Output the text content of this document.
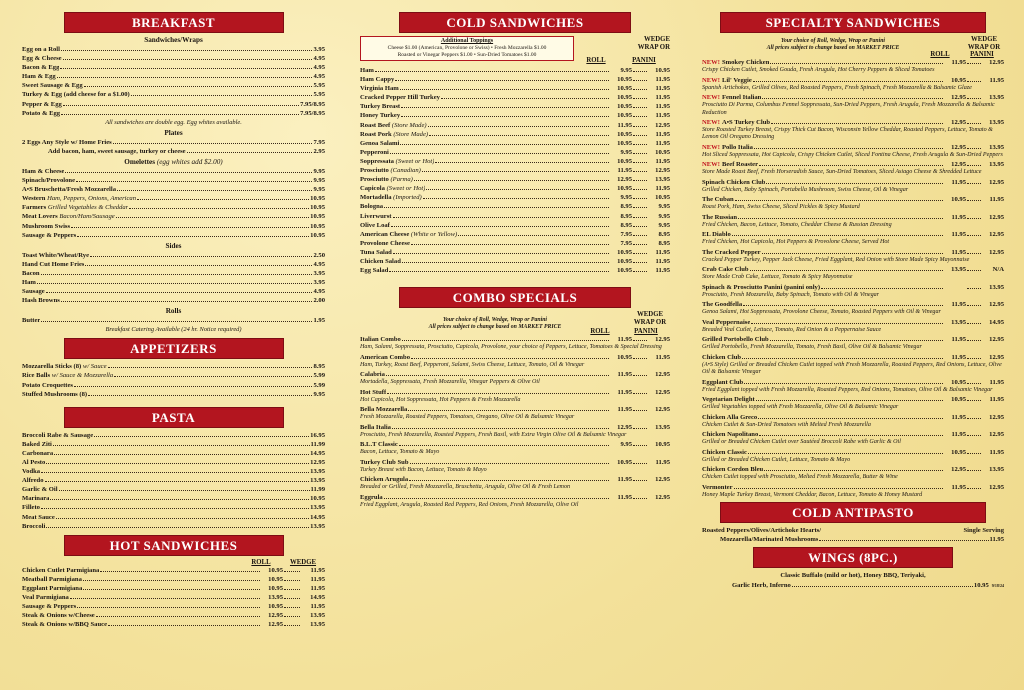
BREAKFAST
Sandwiches/Wraps
Egg on a Roll	3.95
Egg & Cheese	4.95
Bacon & Egg	4.95
Ham & Egg	4.95
Sweet Sausage & Egg	5.95
Turkey & Egg (add cheese for a $1.00)	5.95
Pepper & Egg	7.95/8.95
Potato & Egg	7.95/8.95
All sandwiches are double egg. Egg whites available.
Plates
2 Eggs Any Style w/ Home Fries	7.95
Add bacon, ham, sweet sausage, turkey or cheese	2.95
Omelettes (egg whites add $2.00)
Ham & Cheese	9.95
Spinach/Provolone	9.95
A•S Bruschetta/Fresh Mozzarella	9.95
Western Ham, Peppers, Onions, American	10.95
Farmers Grilled Vegetables & Cheddar	10.95
Meat Lovers Bacon/Ham/Sausage	10.95
Mushroom Swiss	10.95
Sausage & Peppers	10.95
Sides
Toast White/Wheat/Rye	2.50
Hand Cut Home Fries	4.95
Bacon	3.95
Ham	3.95
Sausage	4.95
Hash Browns	2.00
Rolls
Butter	1.95
Breakfast Catering Available (24 hr. Notice required)
APPETIZERS
Mozzarella Sticks (8) w/ Sauce	8.95
Rice Balls w/ Sauce & Mozzarella	5.99
Potato Croquettes	5.99
Stuffed Mushrooms (8)	9.95
PASTA
Broccoli Rabe & Sausage	16.95
Baked Ziti	11.99
Carbonara	14.95
Al Pesto	12.95
Vodka	13.95
Alfredo	13.95
Garlic & Oil	11.99
Marinara	10.95
Filleto	13.95
Meat Sauce	14.95
Broccoli	13.95
HOT SANDWICHES
ROLL	WEDGE
Chicken Cutlet Parmigiana	10.95	11.95
Meatball Parmigiana	10.95	11.95
Eggplant Parmigiana	10.95	11.95
Veal Parmigiana	13.95	14.95
Sausage & Peppers	10.95	11.95
Steak & Onions w/Cheese	12.95	13.95
Steak & Onions w/BBQ Sauce	12.95	13.95
COLD SANDWICHES
Additional Toppings
Cheese $1.00 (American, Provolone or Swiss) • Fresh Mozzarella $1.00
Roasted or Vinegar Peppers $1.00 • Sun-Dried Tomatoes $1.00
WEDGE
WRAP OR
ROLL	PANINI
Ham	9.95	10.95
Ham Cappy	10.95	11.95
Virginia Ham	10.95	11.95
Cracked Pepper Hill Turkey	10.95	11.95
Turkey Breast	10.95	11.95
Honey Turkey	10.95	11.95
Roast Beef (Store Made)	11.95	12.95
Roast Pork (Store Made)	10.95	11.95
Genoa Salami	10.95	11.95
Pepperoni	9.95	10.95
Soppressata (Sweet or Hot)	10.95	11.95
Prosciutto (Canadian)	11.95	12.95
Prosciutto (Parma)	12.95	13.95
Capicola (Sweet or Hot)	10.95	11.95
Mortadella (Imported)	9.95	10.95
Bologna	8.95	9.95
Liverwurst	8.95	9.95
Olive Loaf	8.95	9.95
American Cheese (White or Yellow)	7.95	8.95
Provolone Cheese	7.95	8.95
Tuna Salad	10.95	11.95
Chicken Salad	10.95	11.95
Egg Salad	10.95	11.95
COMBO SPECIALS
Your choice of Roll, Wedge, Wrap or Panini
All prices subject to change based on MARKET PRICE
WEDGE
WRAP OR
ROLL	PANINI
Italian Combo	11.95	12.95
Ham, Salami, Soppressata, Prosciutto, Capicola, Provolone, your choice of Peppers, Lettuce, Tomatoes & Special Dressing
American Combo	10.95	11.95
Ham, Turkey, Roast Beef, Pepperoni, Salami, Swiss Cheese, Lettuce, Tomato, Oil & Vinegar
Calabria	11.95	12.95
Mortadella, Soppressata, Fresh Mozzarella, Vinegar Peppers & Olive Oil
Hot Stuff	11.95	12.95
Hot Capicola, Hot Soppressata, Hot Peppers & Fresh Mozzarella
Bella Mozzarella	11.95	12.95
Fresh Mozzarella, Roasted Peppers, Tomatoes, Oregano, Olive Oil & Balsamic Vinegar
Bella Italia	12.95	13.95
Prosciutto, Fresh Mozzarella, Roasted Peppers, Fresh Basil, with Extra Virgin Olive Oil & Balsamic Vinegar
B.L.T Classic	9.95	10.95
Bacon, Lettuce, Tomato & Mayo
Turkey Club Sub	10.95	11.95
Turkey Breast with Bacon, Lettuce, Tomato & Mayo
Chicken Arugula	11.95	12.95
Breaded or Grilled, Fresh Mozzarella, Bruschetta, Arugula, Olive Oil & Fresh Lemon
Eggrula	11.95	12.95
Fried Eggplant, Arugula, Roasted Red Peppers, Red Onions, Fresh Mozzarella, Olive Oil
SPECIALTY SANDWICHES
Your choice of Roll, Wedge, Wrap or Panini
All prices subject to change based on MARKET PRICE
WEDGE
WRAP OR
ROLL	PANINI
NEW! Smokey Chicken	11.95	12.95
Crispy Chicken Cutlet, Smoked Gouda, Fresh Arugula, Hot Cherry Peppers & Sliced Tomatoes
NEW! Lil' Veggie	10.95	11.95
Spanish Artichokes, Grilled Olives, Red Roasted Peppers, Fresh Spinach, Fresh Mozzarella & Balsamic Glaze
NEW! Fennel Italian	12.95	13.95
Prosciutto Di Parma, Columbus Fennel Soppressata, Sun-Dried Peppers, Fresh Arugula, Fresh Mozzarella & Balsamic Reduction
NEW! A•S Turkey Club	12.95	13.95
Store Roasted Turkey Breast, Crispy Thick Cut Bacon, Wisconsin Yellow Cheddar, Roasted Peppers, Lettuce, Tomato & Lemon Oil Oregano Dressing
NEW! Pollo Italia	12.95	13.95
Hot Sliced Soppressata, Hot Capicola, Crispy Chicken Cutlet, Sliced Fontina Cheese, Fresh Arugula & Sun-Dried Peppers
NEW! Beef Roaster	12.95	13.95
Store Made Roast Beef, Fresh Horseradish Sauce, Sun-Dried Tomatoes, Sliced Asiago Cheese & Shredded Lettuce
Spinach Chicken Club	11.95	12.95
Grilled Chicken, Baby Spinach, Portabella Mushroom, Swiss Cheese, Oil & Vinegar
The Cuban	10.95	11.95
Roast Pork, Ham, Swiss Cheese, Sliced Pickles & Spicy Mustard
The Russian	11.95	12.95
Fried Chicken, Bacon, Lettuce, Tomato, Cheddar Cheese & Russian Dressing
EL Diablo	11.95	12.95
Fried Chicken, Hot Capicola, Hot Peppers & Provolone Cheese, Served Hot
The Cracked Pepper	11.95	12.95
Cracked Pepper Turkey, Pepper Jack Cheese, Fried Eggplant, Red Onion with Store Made Spicy Mayonnaise
Crab Cake Club	13.95	N/A
Store Made Crab Cake, Lettuce, Tomato & Spicy Mayonnaise
Spinach & Prosciutto Panini (panini only)	13.95
Prosciutto, Fresh Mozzarella, Baby Spinach, Tomato with Oil & Vinegar
The Goodfella	11.95	12.95
Genoa Salami, Hot Soppressata, Provolone Cheese, Tomato, Roasted Peppers with Oil & Vinegar
Veal Peppernaise	13.95	14.95
Breaded Veal Cutlet, Lettuce, Tomato, Red Onion & a Peppernaise Sauce
Grilled Portobello Club	11.95	12.95
Grilled Portobello, Fresh Mozzarella, Tomato, Fresh Basil, Olive Oil & Balsamic Vinegar
Chicken Club	11.95	12.95
(A•S Style) Grilled or Breaded Chicken Cutlet topped with Fresh Mozzarella, Roasted Peppers, Red Onions, Lettuce, Olive Oil & Balsamic Vinegar
Eggplant Club	10.95	11.95
Fried Eggplant topped with Fresh Mozzarella, Roasted Peppers, Red Onions, Tomatoes, Olive Oil & Balsamic Vinegar
Vegetarian Delight	10.95	11.95
Grilled Vegetables topped with Fresh Mozzarella, Olive Oil & Balsamic Vinegar
Chicken Alla Greco	11.95	12.95
Chicken Cutlet & Sun-Dried Tomatoes with Melted Fresh Mozzarella
Chicken Napolitano	11.95	12.95
Grilled or Breaded Chicken Cutlet over Sautéed Broccoli Rabe with Garlic & Oil
Chicken Classic	10.95	11.95
Grilled or Breaded Chicken Cutlet, Lettuce, Tomato & Mayo
Chicken Cordon Bleu	12.95	13.95
Chicken Cutlet topped with Prosciutto, Melted Fresh Mozzarella, Butter & Wine
Vermonter	11.95	12.95
Honey Maple Turkey Breast, Vermont Cheddar, Bacon, Lettuce, Tomato & Honey Mustard
COLD ANTIPASTO
Roasted Peppers/Olives/Artichoke Hearts/	Single Serving
Mozzarella/Marinated Mushrooms	11.95
WINGS (8PC.)
Classic Buffalo (mild or hot), Honey BBQ, Teriyaki,
Garlic Herb, Inferno	10.95 9/18/24
